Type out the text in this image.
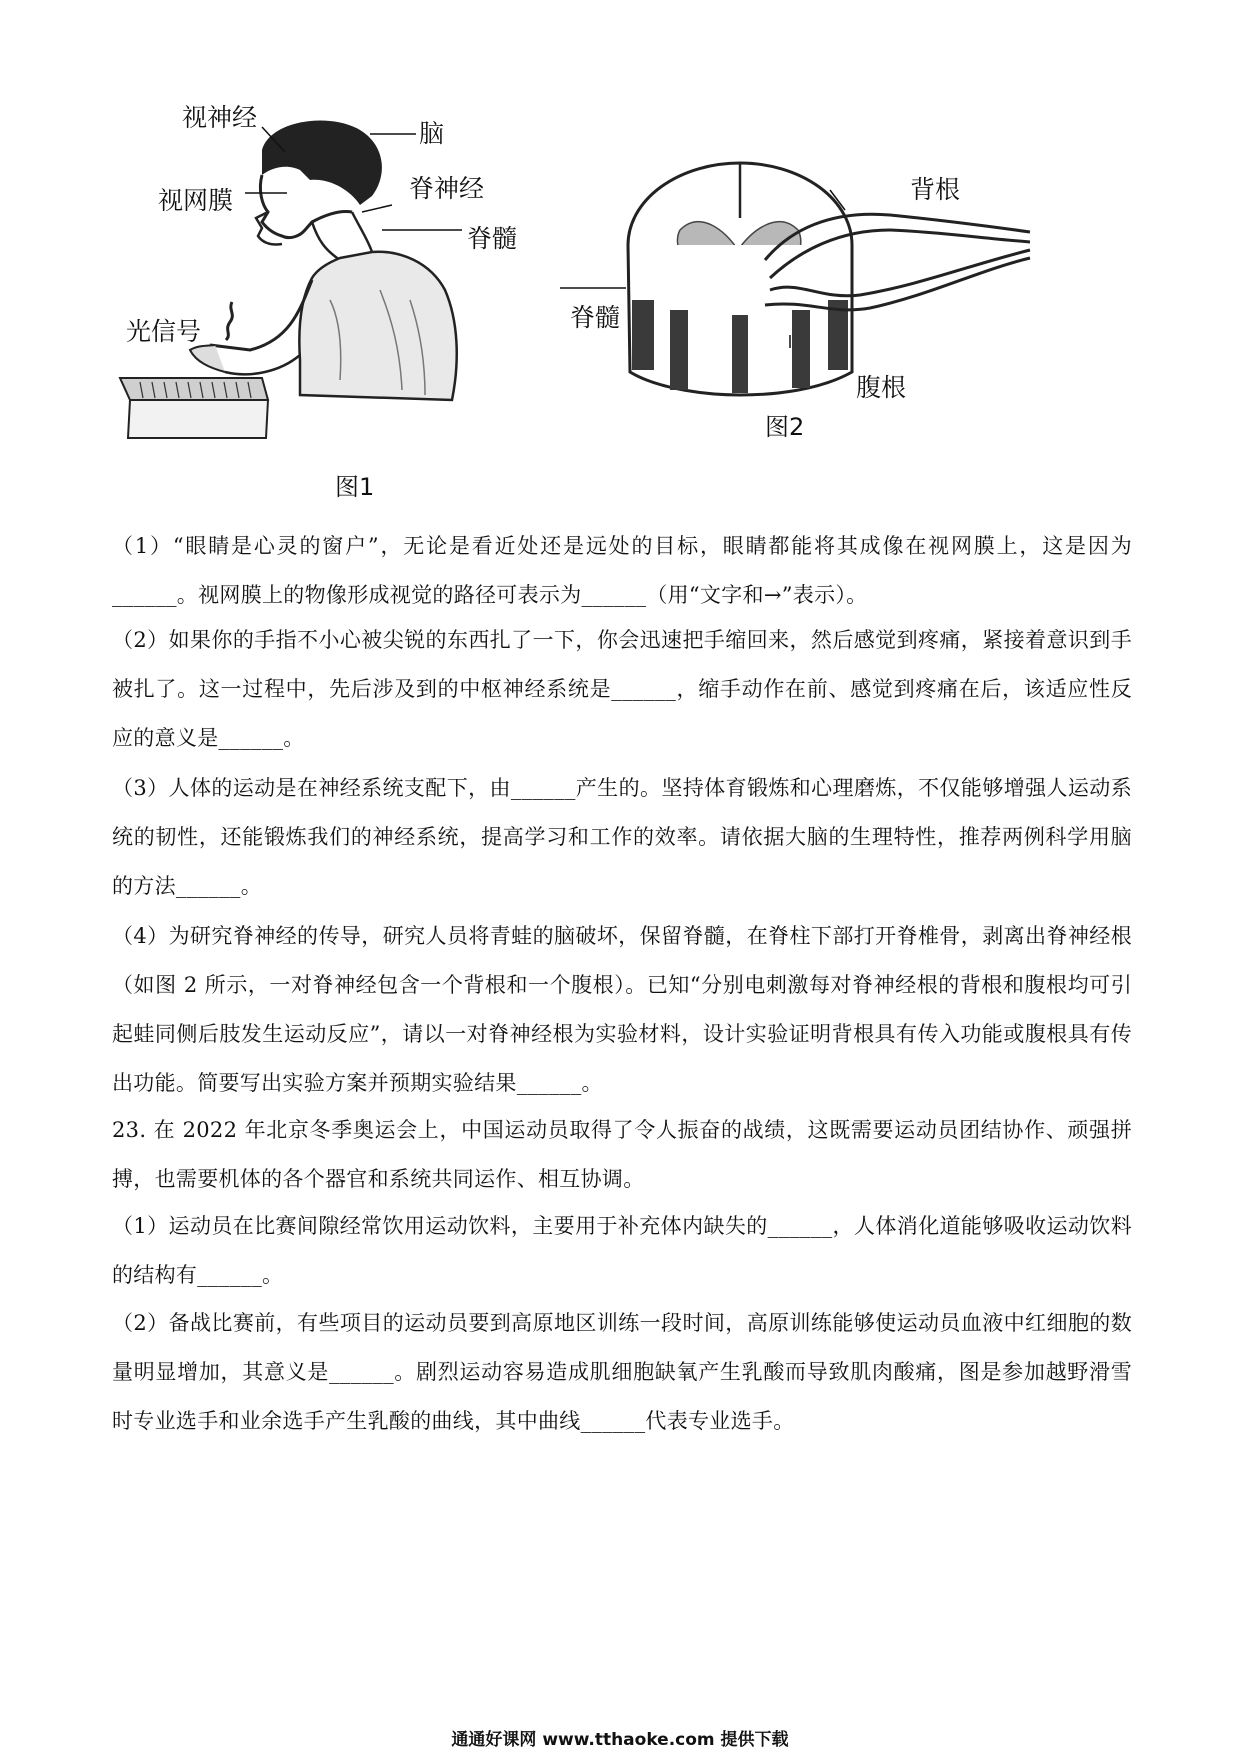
视神经
脑
视网膜	脊神经
脊髓
光信号
图1
背根
脊髓
腹根
图2

（1）“眼睛是心灵的窗户”，无论是看近处还是远处的目标，眼睛都能将其成像在视网膜上，这是因为______。视网膜上的物像形成视觉的路径可表示为______（用“文字和→”表示）。

（2）如果你的手指不小心被尖锐的东西扎了一下，你会迅速把手缩回来，然后感觉到疼痛，紧接着意识到手被扎了。这一过程中，先后涉及到的中枢神经系统是______，缩手动作在前、感觉到疼痛在后，该适应性反应的意义是______。

（3）人体的运动是在神经系统支配下，由______产生的。坚持体育锻炼和心理磨炼，不仅能够增强人运动系统的韧性，还能锻炼我们的神经系统，提高学习和工作的效率。请依据大脑的生理特性，推荐两例科学用脑的方法______。

（4）为研究脊神经的传导，研究人员将青蛙的脑破坏，保留脊髓，在脊柱下部打开脊椎骨，剥离出脊神经根（如图 2 所示，一对脊神经包含一个背根和一个腹根）。已知“分别电刺激每对脊神经根的背根和腹根均可引起蛙同侧后肢发生运动反应”，请以一对脊神经根为实验材料，设计实验证明背根具有传入功能或腹根具有传出功能。简要写出实验方案并预期实验结果______。

23. 在 2022 年北京冬季奥运会上，中国运动员取得了令人振奋的战绩，这既需要运动员团结协作、顽强拼搏，也需要机体的各个器官和系统共同运作、相互协调。

（1）运动员在比赛间隙经常饮用运动饮料，主要用于补充体内缺失的______，人体消化道能够吸收运动饮料的结构有______。

（2）备战比赛前，有些项目的运动员要到高原地区训练一段时间，高原训练能够使运动员血液中红细胞的数量明显增加，其意义是______。剧烈运动容易造成肌细胞缺氧产生乳酸而导致肌肉酸痛，图是参加越野滑雪时专业选手和业余选手产生乳酸的曲线，其中曲线______代表专业选手。

通通好课网 www.tthaoke.com 提供下载
